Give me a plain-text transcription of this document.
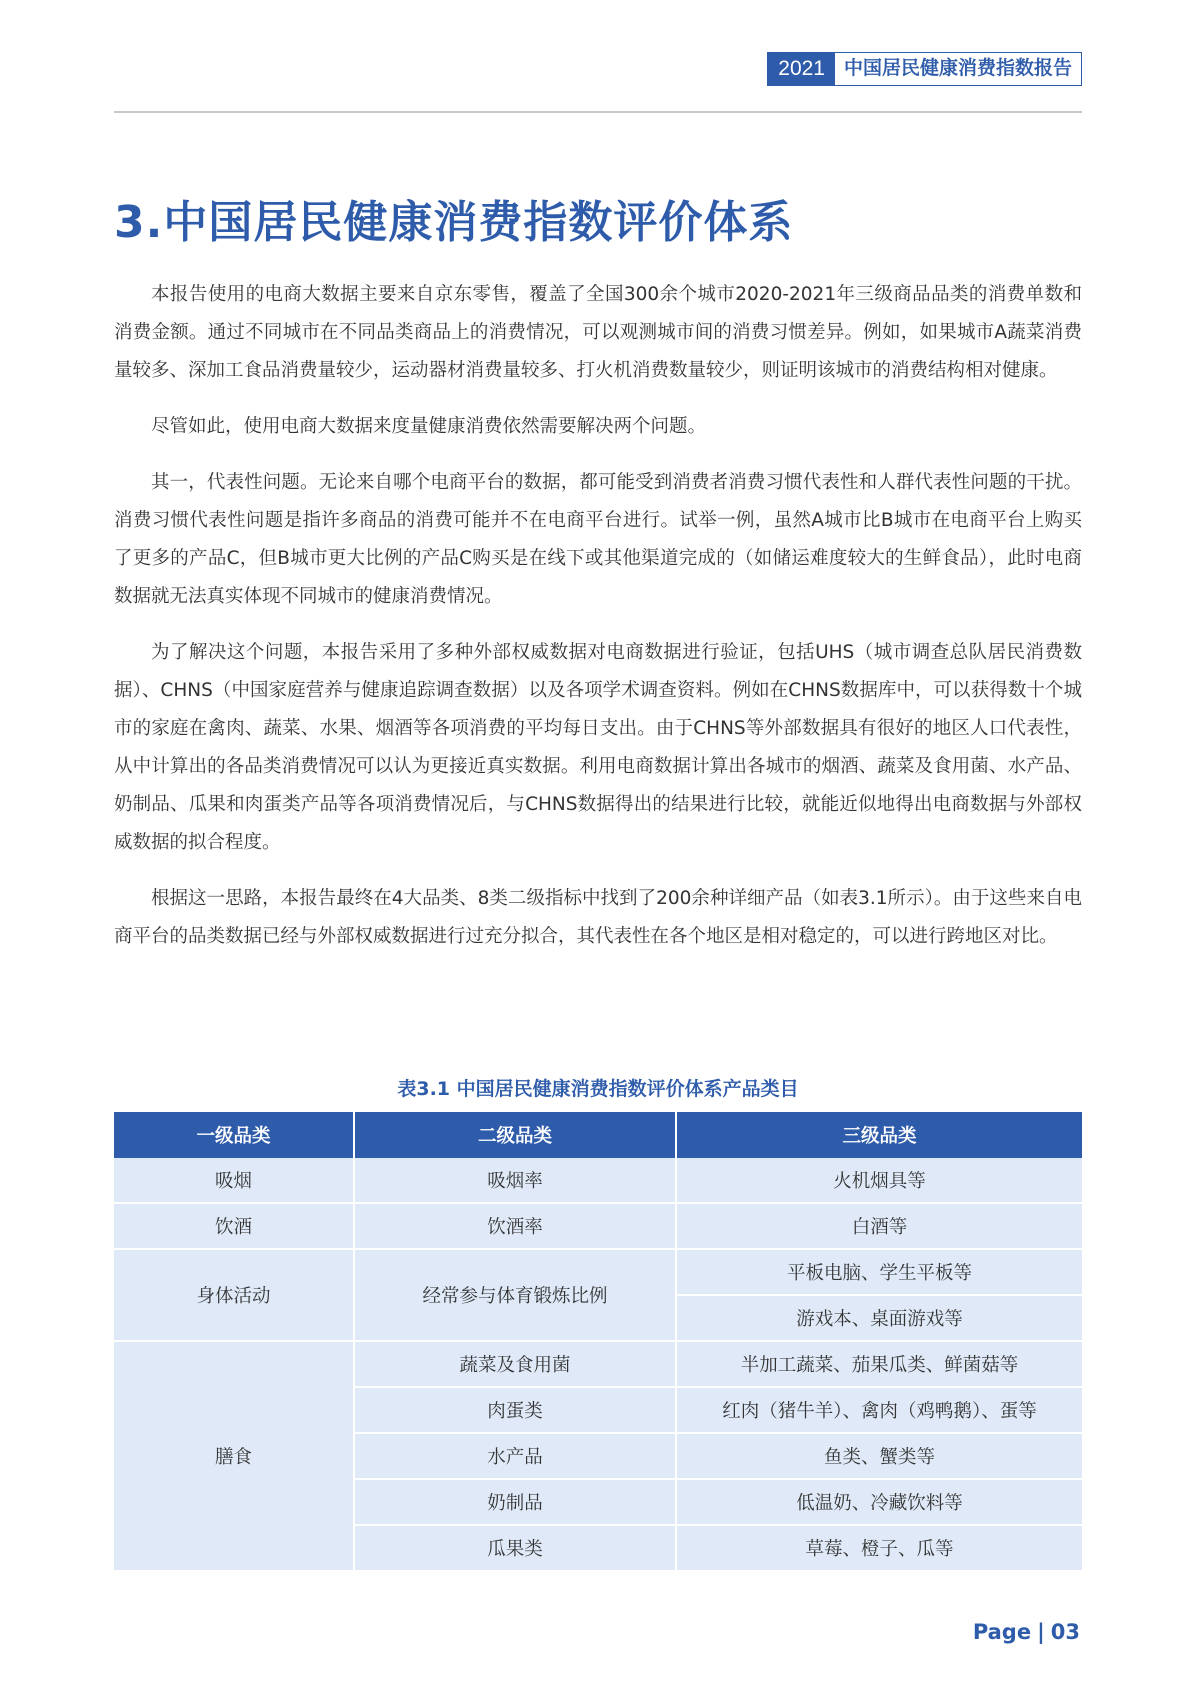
2021	中国居民健康消费指数报告
3.中国居民健康消费指数评价体系

本报告使用的电商大数据主要来自京东零售，覆盖了全国300余个城市2020-2021年三级商品品类的消费单数和消费金额。通过不同城市在不同品类商品上的消费情况，可以观测城市间的消费习惯差异。例如，如果城市A蔬菜消费量较多、深加工食品消费量较少，运动器材消费量较多、打火机消费数量较少，则证明该城市的消费结构相对健康。

尽管如此，使用电商大数据来度量健康消费依然需要解决两个问题。

其一，代表性问题。无论来自哪个电商平台的数据，都可能受到消费者消费习惯代表性和人群代表性问题的干扰。消费习惯代表性问题是指许多商品的消费可能并不在电商平台进行。试举一例，虽然A城市比B城市在电商平台上购买了更多的产品C，但B城市更大比例的产品C购买是在线下或其他渠道完成的（如储运难度较大的生鲜食品），此时电商数据就无法真实体现不同城市的健康消费情况。

为了解决这个问题，本报告采用了多种外部权威数据对电商数据进行验证，包括UHS（城市调查总队居民消费数据）、CHNS（中国家庭营养与健康追踪调查数据）以及各项学术调查资料。例如在CHNS数据库中，可以获得数十个城市的家庭在禽肉、蔬菜、水果、烟酒等各项消费的平均每日支出。由于CHNS等外部数据具有很好的地区人口代表性，从中计算出的各品类消费情况可以认为更接近真实数据。利用电商数据计算出各城市的烟酒、蔬菜及食用菌、水产品、奶制品、瓜果和肉蛋类产品等各项消费情况后，与CHNS数据得出的结果进行比较，就能近似地得出电商数据与外部权威数据的拟合程度。

根据这一思路，本报告最终在4大品类、8类二级指标中找到了200余种详细产品（如表3.1所示）。由于这些来自电商平台的品类数据已经与外部权威数据进行过充分拟合，其代表性在各个地区是相对稳定的，可以进行跨地区对比。

表3.1 中国居民健康消费指数评价体系产品类目

一级品类	二级品类	三级品类
吸烟	吸烟率	火机烟具等
饮酒	饮酒率	白酒等
身体活动	经常参与体育锻炼比例	平板电脑、学生平板等
		游戏本、桌面游戏等
膳食	蔬菜及食用菌	半加工蔬菜、茄果瓜类、鲜菌菇等
	肉蛋类	红肉（猪牛羊）、禽肉（鸡鸭鹅）、蛋等
	水产品	鱼类、蟹类等
	奶制品	低温奶、冷藏饮料等
	瓜果类	草莓、橙子、瓜等
Page | 03
